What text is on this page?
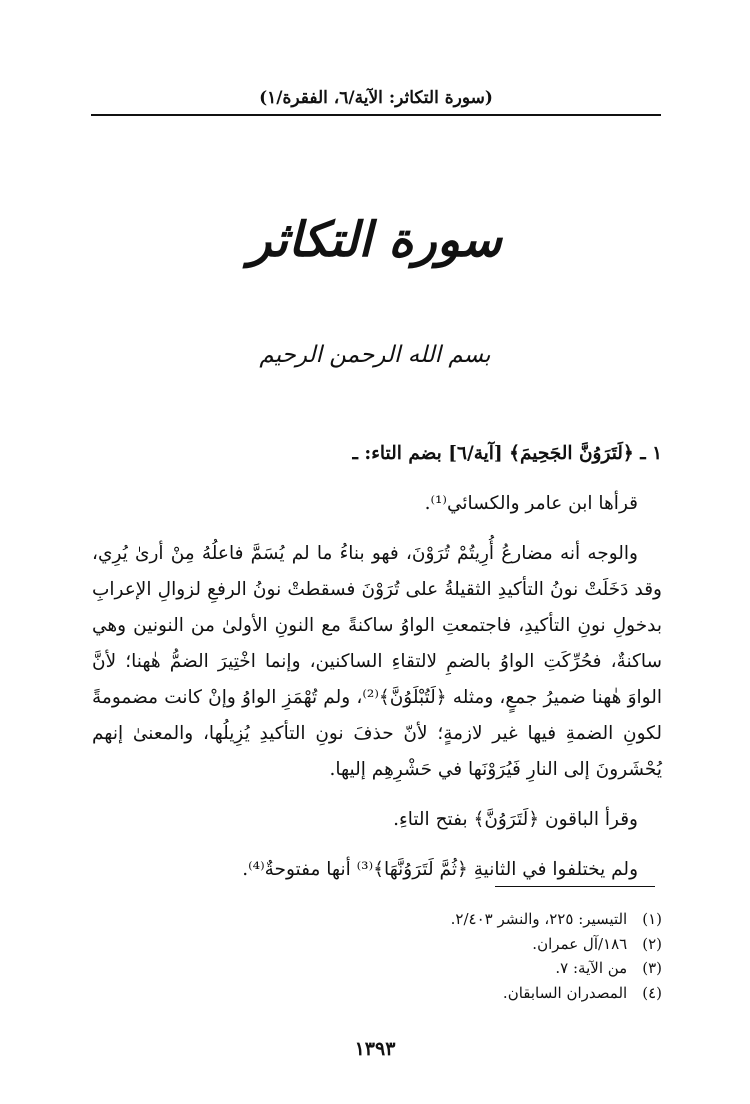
(سورة التكاثر: الآية/٦، الفقرة/١)
سورة التكاثر
بسم الله الرحمن الرحيم

١ ـ ﴿لَتَرَوُنَّ الجَحِيمَ﴾ [آية/٦] بضم التاء: ـ

قرأها ابن عامر والكسائي⁽¹⁾.

والوجه أنه مضارعُ أُرِيتُمْ تُرَوْنَ، فهو بناءُ ما لم يُسَمَّ فاعلُهُ مِنْ أرىٰ يُرِي، وقد دَخَلَتْ نونُ التأكيدِ الثقيلةُ على تُرَوْنَ فسقطتْ نونُ الرفعِ لزوالِ الإعرابِ بدخولِ نونِ التأكيدِ، فاجتمعتِ الواوُ ساكنةً مع النونِ الأولىٰ من النونين وهي ساكنةٌ، فحُرِّكَتِ الواوُ بالضمِ لالتقاءِ الساكنين، وإنما اخْتِيرَ الضمُّ هٰهنا؛ لأنَّ الواوَ هٰهنا ضميرُ جمعٍ، ومثله ﴿لَتُبْلَوُنَّ﴾⁽²⁾، ولم تُهْمَزِ الواوُ وإنْ كانت مضمومةً لكونِ الضمةِ فيها غير لازمةٍ؛ لأنّ حذفَ نونِ التأكيدِ يُزِيلُها، والمعنىٰ إنهم يُحْشَرونَ إلى النارِ فَيُرَوْنَها في حَشْرِهِم إليها.

وقرأ الباقون ﴿لَتَرَوُنَّ﴾ بفتح التاءِ.

ولم يختلفوا في الثانيةِ ﴿ثُمَّ لَتَرَوُنَّهَا﴾⁽³⁾ أنها مفتوحةٌ⁽⁴⁾.

(١) التيسير: ٢٢٥، والنشر ٢/٤٠٣.

(٢) ١٨٦/آل عمران.

(٣) من الآية: ٧.

(٤) المصدران السابقان.

١٣٩٣
